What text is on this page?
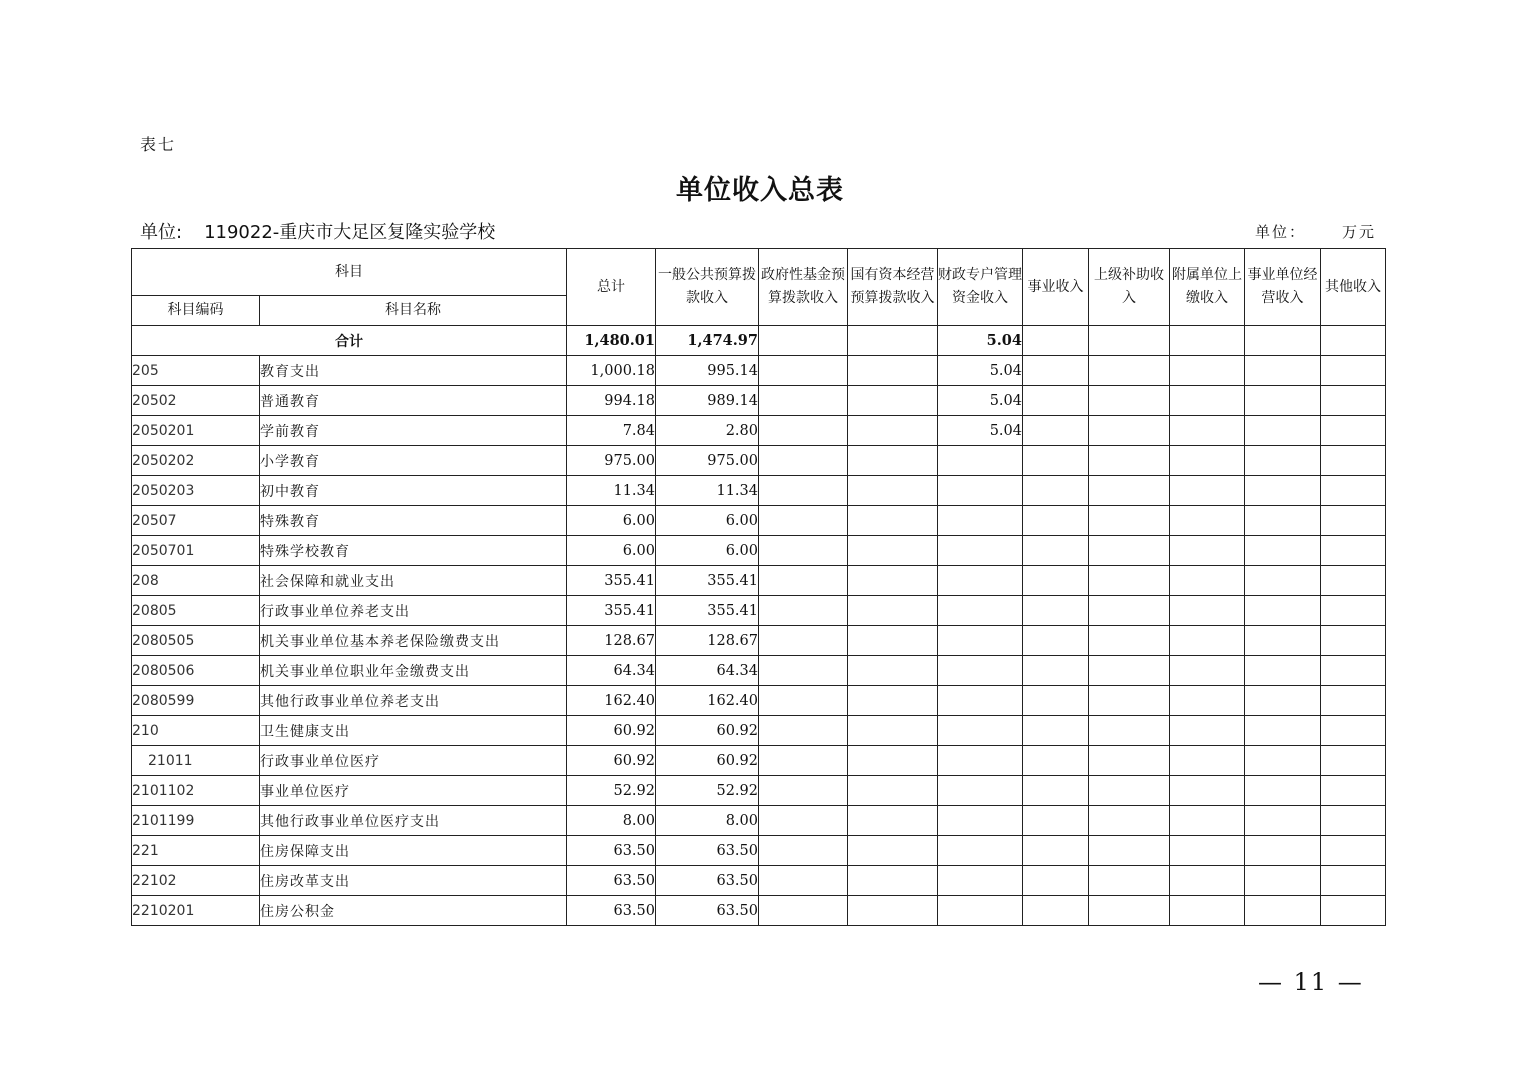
表七
单位收入总表
单位: 119022-重庆市大足区复隆实验学校	单位： 万元
科目		总计	一般公共预算拨款收入	政府性基金预算拨款收入	国有资本经营预算拨款收入	财政专户管理资金收入	事业收入	上级补助收入	附属单位上缴收入	事业单位经营收入	其他收入
科目编码	科目名称										
合计		1,480.01	1,474.97			5.04					
205	教育支出	1,000.18	995.14			5.04					
20502	普通教育	994.18	989.14			5.04					
2050201	学前教育	7.84	2.80			5.04					
2050202	小学教育	975.00	975.00								
2050203	初中教育	11.34	11.34								
20507	特殊教育	6.00	6.00								
2050701	特殊学校教育	6.00	6.00								
208	社会保障和就业支出	355.41	355.41								
20805	行政事业单位养老支出	355.41	355.41								
2080505	机关事业单位基本养老保险缴费支出	128.67	128.67								
2080506	机关事业单位职业年金缴费支出	64.34	64.34								
2080599	其他行政事业单位养老支出	162.40	162.40								
210	卫生健康支出	60.92	60.92								
21011	行政事业单位医疗	60.92	60.92								
2101102	事业单位医疗	52.92	52.92								
2101199	其他行政事业单位医疗支出	8.00	8.00								
221	住房保障支出	63.50	63.50								
22102	住房改革支出	63.50	63.50								
2210201	住房公积金	63.50	63.50								
— 11 —
